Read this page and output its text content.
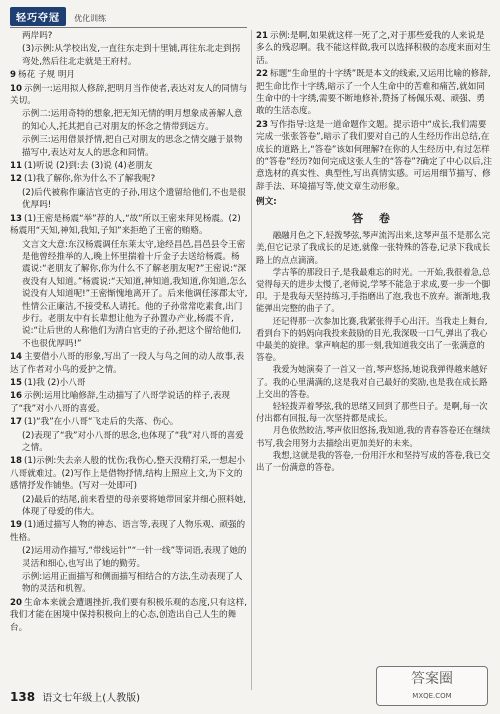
轻巧夺冠 优化训练
两岸吗?
(3)示例:从学校出发,一直往东走到十里铺,再往东北走到拐弯处,然后往北走就是王府村。
9 杨花 子规 明月
10 示例一:运用拟人修辞,把明月当作使者,表达对友人的同情与关切。
示例二:运用奇特的想象,把无知无情的明月想象成善解人意的知心人,托其把自己对朋友的怀念之情带到远方。
示例三:运用借景抒情,把自己对朋友的思念之情交融于景物描写中,表达对友人的思念和同情。
11 (1)听说 (2)到:去 (3)说 (4)老朋友
12 (1)我了解你,你为什么不了解我呢?
(2)后代被称作廉洁官吏的子孙,用这个遗留给他们,不也是很优厚吗!
13 (1)王密是杨震“举”荐的人,“故”所以王密来拜见杨震。(2)杨震用“天知,神知,我知,子知”来拒绝了王密的贿赂。
文言文大意:东汉杨震调任东莱太守,途经昌邑,昌邑县令王密是他曾经推举的人,晚上怀里揣着十斤金子去送给杨震。杨震说:“老朋友了解你,你为什么不了解老朋友呢?”王密说:“深夜没有人知道。”杨震说:“天知道,神知道,我知道,你知道,怎么说没有人知道呢!”王密惭愧地离开了。后来他调任涿郡太守,性情公正廉洁,不接受私人请托。他的子孙常常吃素食,出门步行。老朋友中有长辈想让他为子孙置办产业,杨震不肯,说:“让后世的人称他们为清白官吏的子孙,把这个留给他们,不也很优厚吗!”
14 主要借小八哥的形象,写出了一段人与鸟之间的动人故事,表达了作者对小鸟的爱护之情。
15 (1)我 (2)小八哥
16 示例:运用比喻修辞,生动描写了八哥学说话的样子,表现了“我”对小八哥的喜爱。
17 (1)“我”在小八哥“飞走后的失落、伤心。
(2)表现了“我”对小八哥的思念,也体现了“我”对八哥的喜爱之情。
18 (1)示例:失去亲人般的忧伤;我伤心,整天没精打采,一想起小八哥就难过。(2)写作上是借物抒情,结构上照应上文,为下文的感情抒发作铺垫。(写对一处即可)
(2)最后的结尾,前来看望的母亲要将她带回家并细心照料她,体现了母爱的伟大。
19 (1)通过描写人物的神态、语言等,表现了人物乐观、顽强的性格。
(2)运用动作描写,“带线运针”“一针一线”等词语,表现了她的灵活和细心,也写出了她的勤劳。
示例:运用正面描写和侧面描写相结合的方法,生动表现了人物的灵活和机智。
20 生命本来就会遭遇挫折,我们要有积极乐观的态度,只有这样,我们才能在困境中保持积极向上的心态,创造出自己人生的舞台。
21 示例:是啊,如果就这样一死了之,对于那些爱我的人来说是多么的残忍啊。我不能这样做,我可以选择积极的态度来面对生活。
22 标题“生命里的十字绣”既是本文的线索,又运用比喻的修辞,把生命比作十字绣,暗示了一个人生命中的苦难和痛苦,就如同生命中的十字绣,需要不断地修补,赞扬了杨佩乐观、顽强、勇敢的生活态度。
23 写作指导:这是一道命题作文题。提示语中“成长,我们需要完成一张张答卷”,暗示了我们要对自己的人生经历作出总结,在成长的道路上,“答卷”该如何理解?在你的人生经历中,有过怎样的“答卷”经历?如何完成这张人生的“答卷”?确定了中心以后,注意选材的真实性、典型性,写出真情实感。可运用细节描写、修辞手法、环境描写等,使文章生动形象。
例文:
答 卷

融融月色之下,轻拨琴弦,琴声流泻出来,这琴声虽不是那么完美,但它记录了我成长的足迹,就像一张特殊的答卷,记录下我成长路上的点点滴滴。

学古筝的那段日子,是我最难忘的时光。一开始,我很着急,总觉得每天的进步太慢了,老师说,学琴不能急于求成,要一步一个脚印。于是我每天坚持练习,手指磨出了泡,我也不放弃。渐渐地,我能弹出完整的曲子了。

还记得那一次参加比赛,我紧张得手心出汗。当我走上舞台,看到台下的妈妈向我投来鼓励的目光,我深吸一口气,弹出了我心中最美的旋律。掌声响起的那一刻,我知道我交出了一张满意的答卷。

我爱为她演奏了一首又一首,琴声悠扬,她说我弹得越来越好了。我的心里满满的,这是我对自己最好的奖励,也是我在成长路上交出的答卷。

轻轻拨弄着琴弦,我的思绪又回到了那些日子。是啊,每一次付出都有回报,每一次坚持都是成长。

月色依然皎洁,琴声依旧悠扬,我知道,我的青春答卷还在继续书写,我会用努力去描绘出更加美好的未来。

我想,这就是我的答卷,一份用汗水和坚持写成的答卷,我已交出了一份满意的答卷。

138 语文七年级上(人教版)
答案圈
MXQE.COM
